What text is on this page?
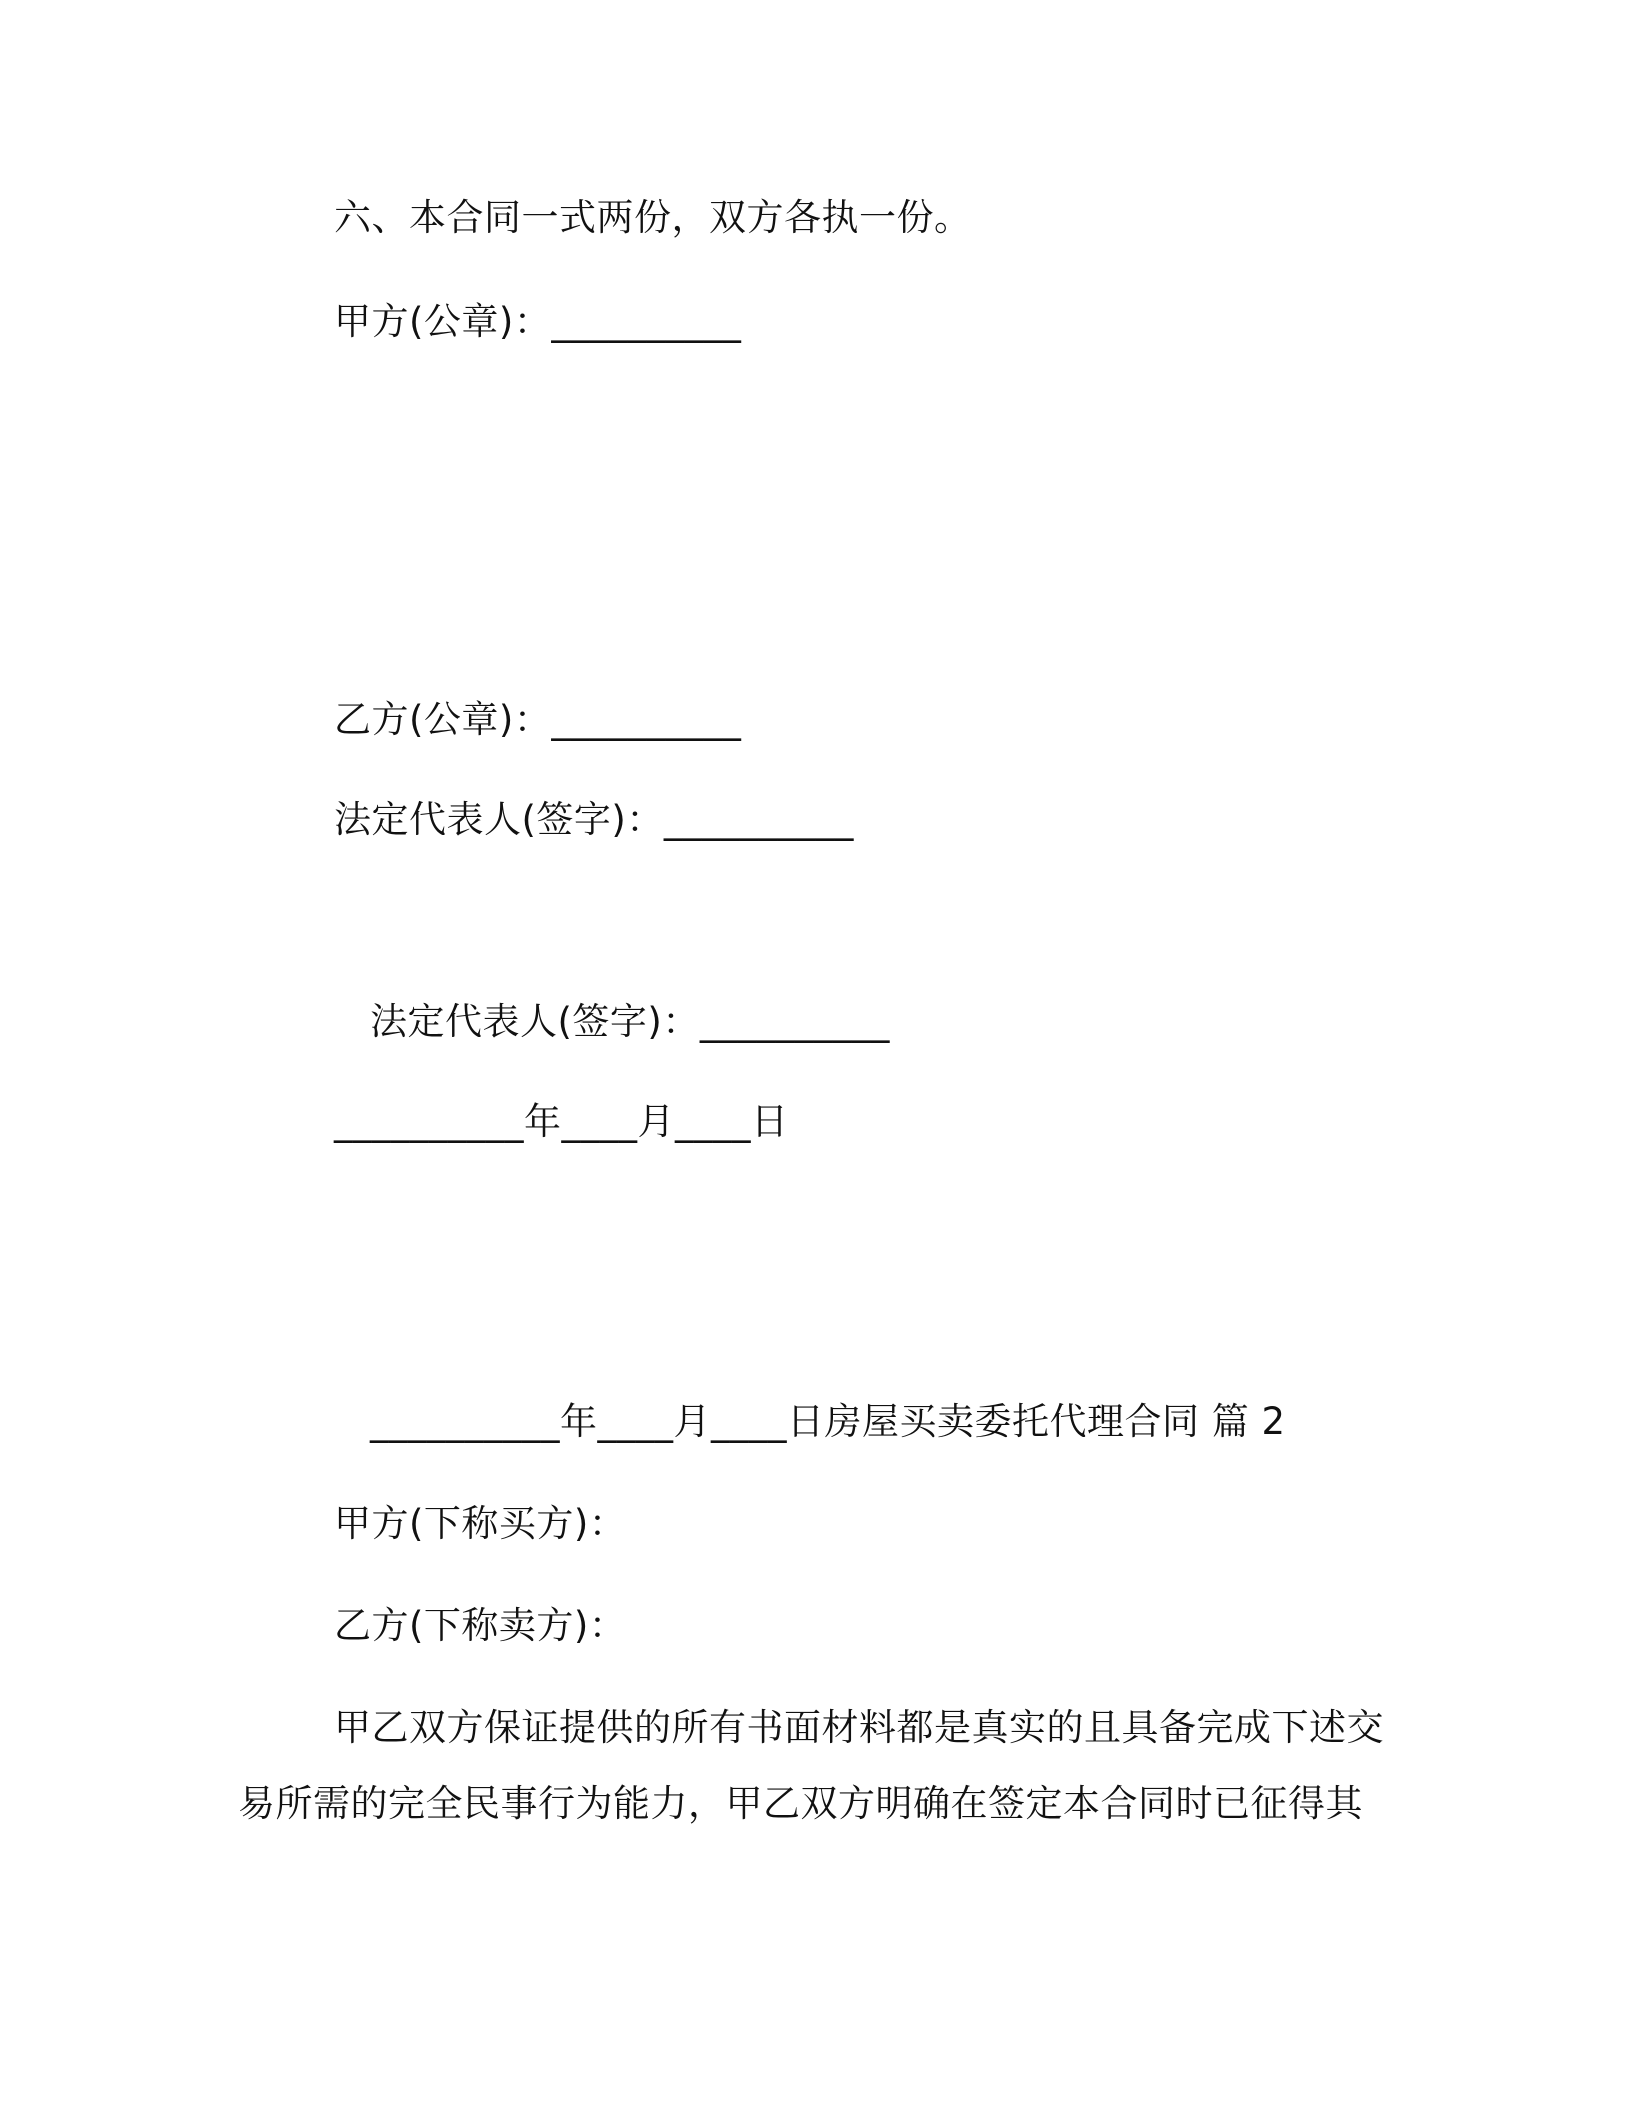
六、本合同一式两份，双方各执一份。
甲方(公章)：__________
乙方(公章)：__________
法定代表人(签字)：__________
法定代表人(签字)：__________
__________年____月____日
__________年____月____日房屋买卖委托代理合同 篇 2
甲方(下称买方)：
乙方(下称卖方)：
甲乙双方保证提供的所有书面材料都是真实的且具备完成下述交
易所需的完全民事行为能力，甲乙双方明确在签定本合同时已征得其
